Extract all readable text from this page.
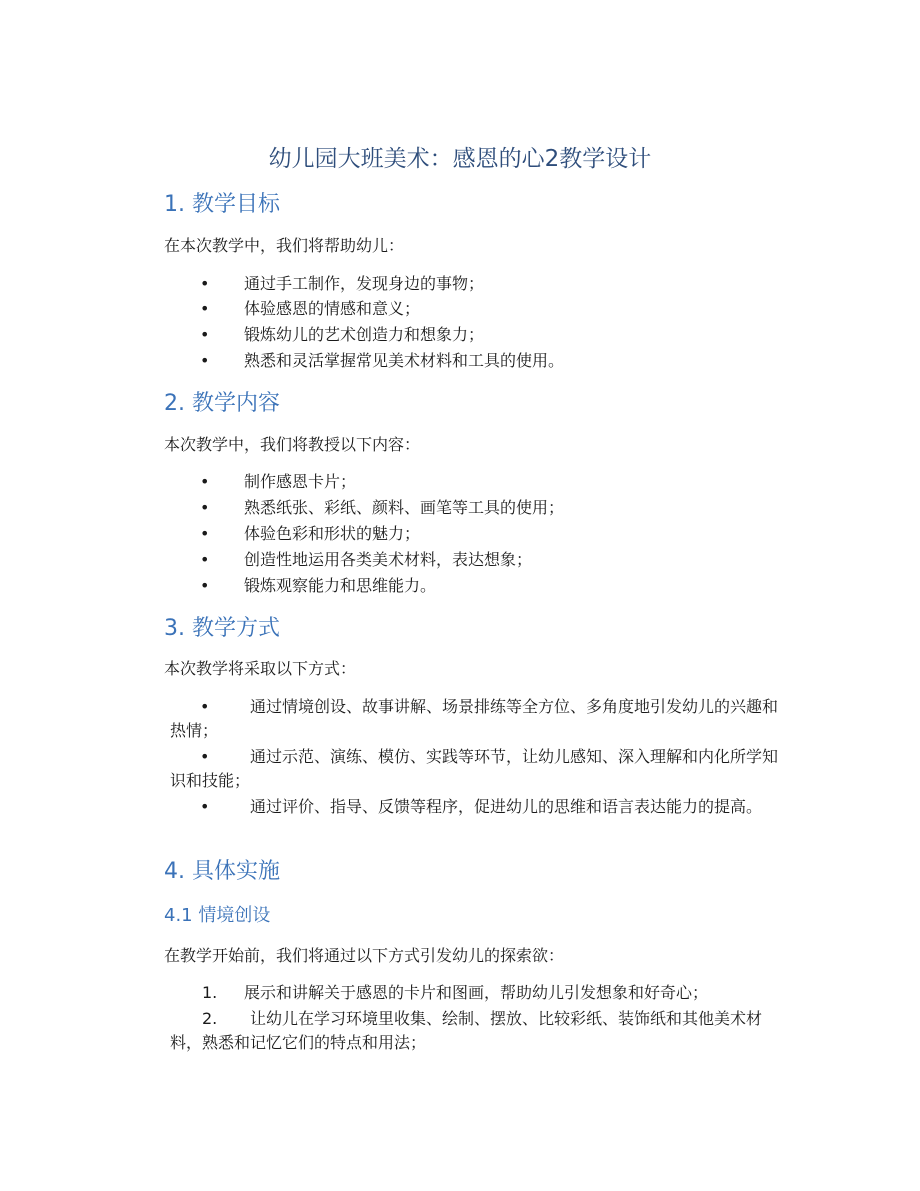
幼儿园大班美术：感恩的心2教学设计
1. 教学目标

在本次教学中，我们将帮助幼儿：

•	通过手工制作，发现身边的事物；
•	体验感恩的情感和意义；
•	锻炼幼儿的艺术创造力和想象力；
•	熟悉和灵活掌握常见美术材料和工具的使用。
2. 教学内容

本次教学中，我们将教授以下内容：

•	制作感恩卡片；
•	熟悉纸张、彩纸、颜料、画笔等工具的使用；
•	体验色彩和形状的魅力；
•	创造性地运用各类美术材料，表达想象；
•	锻炼观察能力和思维能力。
3. 教学方式

本次教学将采取以下方式：

•	通过情境创设、故事讲解、场景排练等全方位、多角度地引发幼儿的兴趣和热情；
•	通过示范、演练、模仿、实践等环节，让幼儿感知、深入理解和内化所学知识和技能；
•	通过评价、指导、反馈等程序，促进幼儿的思维和语言表达能力的提高。
4. 具体实施
4.1 情境创设

在教学开始前，我们将通过以下方式引发幼儿的探索欲：

1.	展示和讲解关于感恩的卡片和图画，帮助幼儿引发想象和好奇心；
2.	让幼儿在学习环境里收集、绘制、摆放、比较彩纸、装饰纸和其他美术材料，熟悉和记忆它们的特点和用法；
